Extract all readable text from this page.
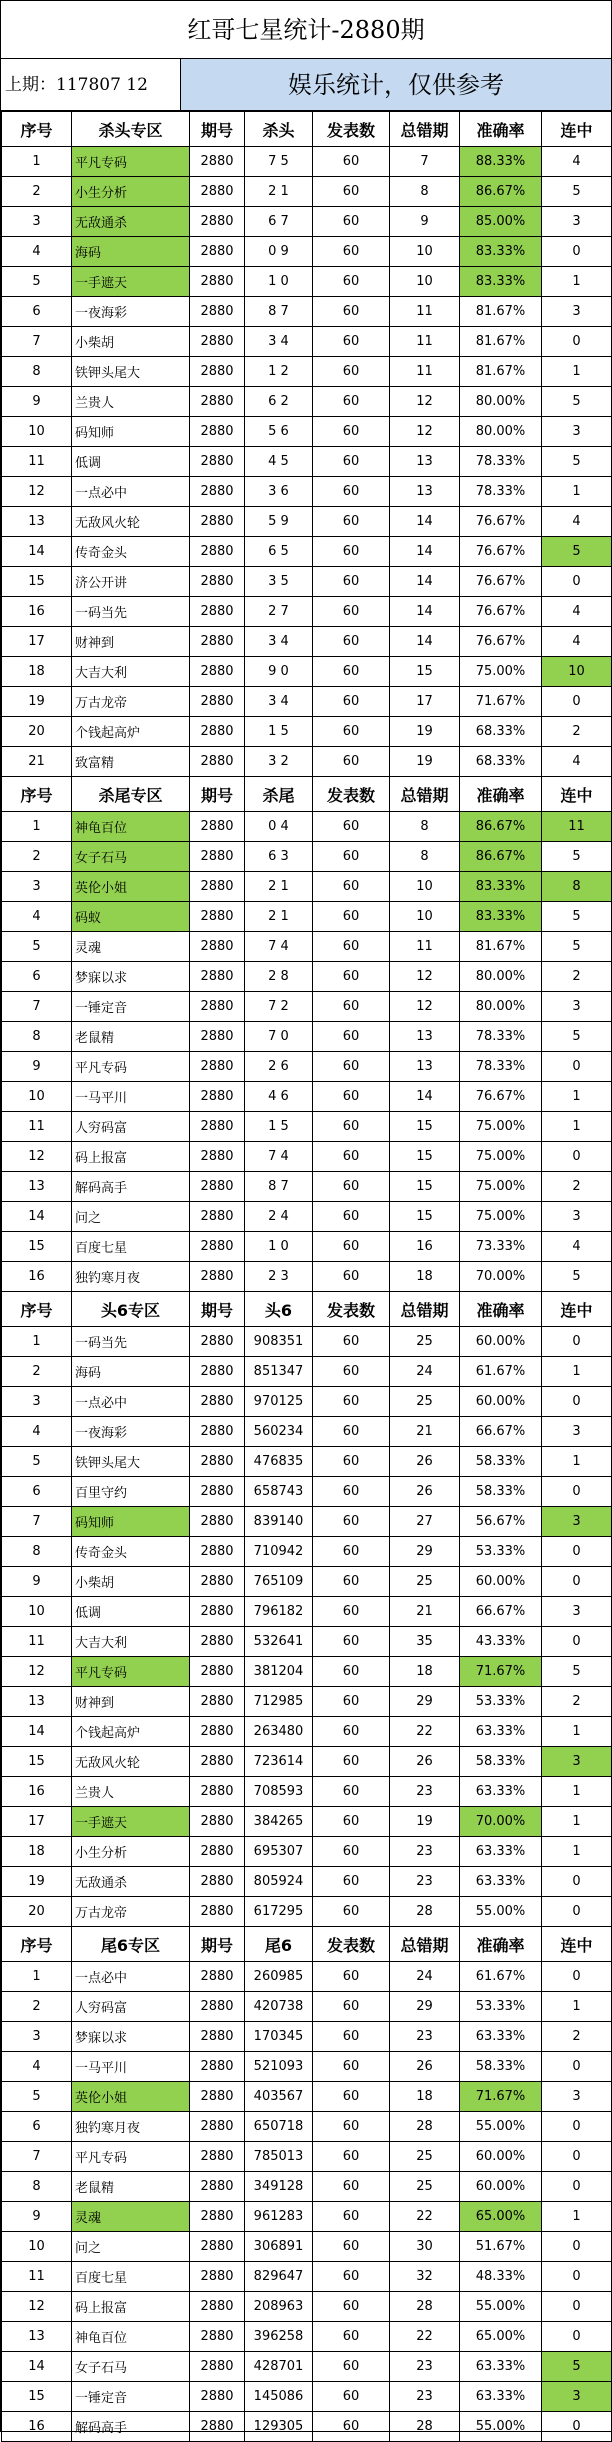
红哥七星统计-2880期
上期：117807 12	娱乐统计，仅供参考
序号	杀头专区	期号	杀头	发表数	总错期	准确率	连中
1	平凡专码	2880	7 5	60	7	88.33%	4
2	小生分析	2880	2 1	60	8	86.67%	5
3	无敌通杀	2880	6 7	60	9	85.00%	3
4	海码	2880	0 9	60	10	83.33%	0
5	一手遮天	2880	1 0	60	10	83.33%	1
6	一夜海彩	2880	8 7	60	11	81.67%	3
7	小柴胡	2880	3 4	60	11	81.67%	0
8	铁钾头尾大	2880	1 2	60	11	81.67%	1
9	兰贵人	2880	6 2	60	12	80.00%	5
10	码知师	2880	5 6	60	12	80.00%	3
11	低调	2880	4 5	60	13	78.33%	5
12	一点必中	2880	3 6	60	13	78.33%	1
13	无敌风火轮	2880	5 9	60	14	76.67%	4
14	传奇金头	2880	6 5	60	14	76.67%	5
15	济公开讲	2880	3 5	60	14	76.67%	0
16	一码当先	2880	2 7	60	14	76.67%	4
17	财神到	2880	3 4	60	14	76.67%	4
18	大吉大利	2880	9 0	60	15	75.00%	10
19	万古龙帝	2880	3 4	60	17	71.67%	0
20	个钱起高炉	2880	1 5	60	19	68.33%	2
21	致富精	2880	3 2	60	19	68.33%	4
序号	杀尾专区	期号	杀尾	发表数	总错期	准确率	连中
1	神龟百位	2880	0 4	60	8	86.67%	11
2	女子石马	2880	6 3	60	8	86.67%	5
3	英伦小姐	2880	2 1	60	10	83.33%	8
4	码蚁	2880	2 1	60	10	83.33%	5
5	灵魂	2880	7 4	60	11	81.67%	5
6	梦寐以求	2880	2 8	60	12	80.00%	2
7	一锤定音	2880	7 2	60	12	80.00%	3
8	老鼠精	2880	7 0	60	13	78.33%	5
9	平凡专码	2880	2 6	60	13	78.33%	0
10	一马平川	2880	4 6	60	14	76.67%	1
11	人穷码富	2880	1 5	60	15	75.00%	1
12	码上报富	2880	7 4	60	15	75.00%	0
13	解码高手	2880	8 7	60	15	75.00%	2
14	问之	2880	2 4	60	15	75.00%	3
15	百度七星	2880	1 0	60	16	73.33%	4
16	独钓寒月夜	2880	2 3	60	18	70.00%	5
序号	头6专区	期号	头6	发表数	总错期	准确率	连中
1	一码当先	2880	908351	60	25	60.00%	0
2	海码	2880	851347	60	24	61.67%	1
3	一点必中	2880	970125	60	25	60.00%	0
4	一夜海彩	2880	560234	60	21	66.67%	3
5	铁钾头尾大	2880	476835	60	26	58.33%	1
6	百里守约	2880	658743	60	26	58.33%	0
7	码知师	2880	839140	60	27	56.67%	3
8	传奇金头	2880	710942	60	29	53.33%	0
9	小柴胡	2880	765109	60	25	60.00%	0
10	低调	2880	796182	60	21	66.67%	3
11	大吉大利	2880	532641	60	35	43.33%	0
12	平凡专码	2880	381204	60	18	71.67%	5
13	财神到	2880	712985	60	29	53.33%	2
14	个钱起高炉	2880	263480	60	22	63.33%	1
15	无敌风火轮	2880	723614	60	26	58.33%	3
16	兰贵人	2880	708593	60	23	63.33%	1
17	一手遮天	2880	384265	60	19	70.00%	1
18	小生分析	2880	695307	60	23	63.33%	1
19	无敌通杀	2880	805924	60	23	63.33%	0
20	万古龙帝	2880	617295	60	28	55.00%	0
序号	尾6专区	期号	尾6	发表数	总错期	准确率	连中
1	一点必中	2880	260985	60	24	61.67%	0
2	人穷码富	2880	420738	60	29	53.33%	1
3	梦寐以求	2880	170345	60	23	63.33%	2
4	一马平川	2880	521093	60	26	58.33%	0
5	英伦小姐	2880	403567	60	18	71.67%	3
6	独钓寒月夜	2880	650718	60	28	55.00%	0
7	平凡专码	2880	785013	60	25	60.00%	0
8	老鼠精	2880	349128	60	25	60.00%	0
9	灵魂	2880	961283	60	22	65.00%	1
10	问之	2880	306891	60	30	51.67%	0
11	百度七星	2880	829647	60	32	48.33%	0
12	码上报富	2880	208963	60	28	55.00%	0
13	神龟百位	2880	396258	60	22	65.00%	0
14	女子石马	2880	428701	60	23	63.33%	5
15	一锤定音	2880	145086	60	23	63.33%	3
16	解码高手	2880	129305	60	28	55.00%	0
